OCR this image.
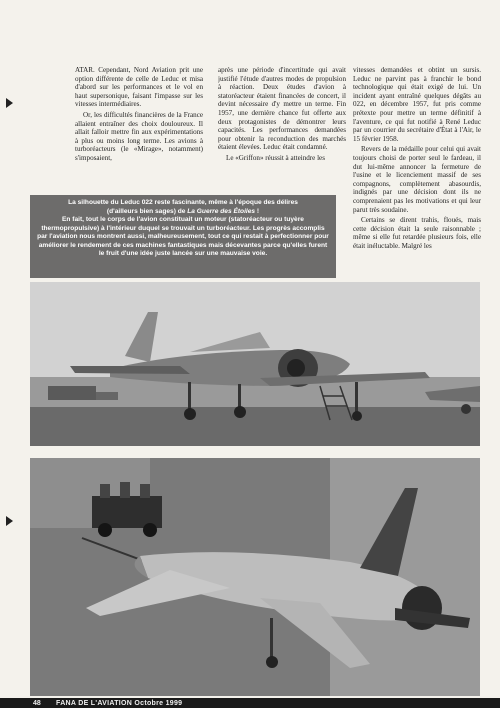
ATAR. Cependant, Nord Aviation prit une option différente de celle de Leduc et misa d'abord sur les performances et le vol en haut supersonique, faisant l'impasse sur les vitesses intermédiaires.

Or, les difficultés financières de la France allaient entraîner des choix douloureux. Il allait falloir mettre fin aux expérimentations à plus ou moins long terme. Les avions à turboréacteurs (le «Mirage», notamment) s'imposaient,

après une période d'incertitude qui avait justifié l'étude d'autres modes de propulsion à réaction. Deux études d'avion à statoréacteur étaient financées de concert, il devint nécessaire d'y mettre un terme. Fin 1957, une dernière chance fut offerte aux deux protagonistes de démontrer leurs capacités. Les performances demandées pour obtenir la reconduction des marchés étaient élevées. Leduc était condamné.

Le «Griffon» réussit à atteindre les

vitesses demandées et obtint un sursis. Leduc ne parvint pas à franchir le bond technologique qui était exigé de lui. Un incident ayant entraîné quelques dégâts au 022, en décembre 1957, fut pris comme prétexte pour mettre un terme définitif à l'aventure, ce qui fut notifié à René Leduc par un courrier du secrétaire d'État à l'Air, le 15 février 1958.

Revers de la médaille pour celui qui avait toujours choisi de porter seul le fardeau, il dut lui-même annoncer la fermeture de l'usine et le licenciement massif de ses compagnons, complètement abasourdis, indignés par une décision dont ils ne comprenaient pas les motivations et qui leur parut très soudaine.

Certains se dirent trahis, floués, mais cette décision était la seule raisonnable ; même si elle fut retardée plusieurs fois, elle était inéluctable. Malgré les

La silhouette du Leduc 022 reste fascinante, même à l'époque des délires
(d'ailleurs bien sages) de La Guerre des Étoiles !
En fait, tout le corps de l'avion constituait un moteur (statoréacteur ou tuyère thermopropulsive) à l'intérieur duquel se trouvait un turboréacteur. Les progrès accomplis par l'aviation nous montrent aussi, malheureusement, tout ce qui restait à perfectionner pour améliorer le rendement de ces machines fantastiques mais décevantes parce qu'elles furent le fruit d'une idée juste lancée sur une mauvaise voie.
48 FANA DE L'AVIATION Octobre 1999
